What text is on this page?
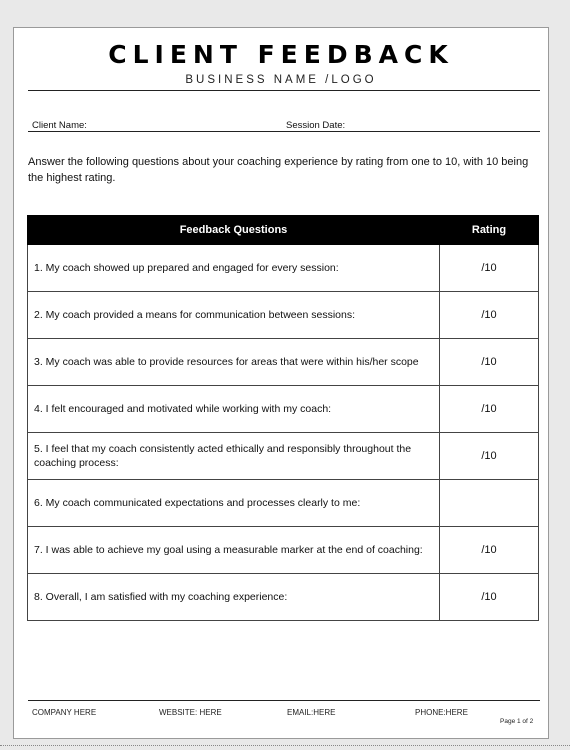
CLIENT FEEDBACK
BUSINESS NAME /LOGO
Client Name:	Session Date:
Answer the following questions about your coaching experience by rating from one to 10, with 10 being the highest rating.
Feedback Questions	Rating
1. My coach showed up prepared and engaged for every session:	/10
2. My coach provided a means for communication between sessions:	/10
3. My coach was able to provide resources for areas that were within his/her scope	/10
4. I felt encouraged and motivated while working with my coach:	/10
5. I feel that my coach consistently acted ethically and responsibly throughout the coaching process:	/10
6. My coach communicated expectations and processes clearly to me:	
7. I was able to achieve my goal using a measurable marker at the end of coaching:	/10
8. Overall, I am satisfied with my coaching experience:	/10
COMPANY HERE	WEBSITE: HERE	EMAIL:HERE	PHONE:HERE
Page 1 of 2
